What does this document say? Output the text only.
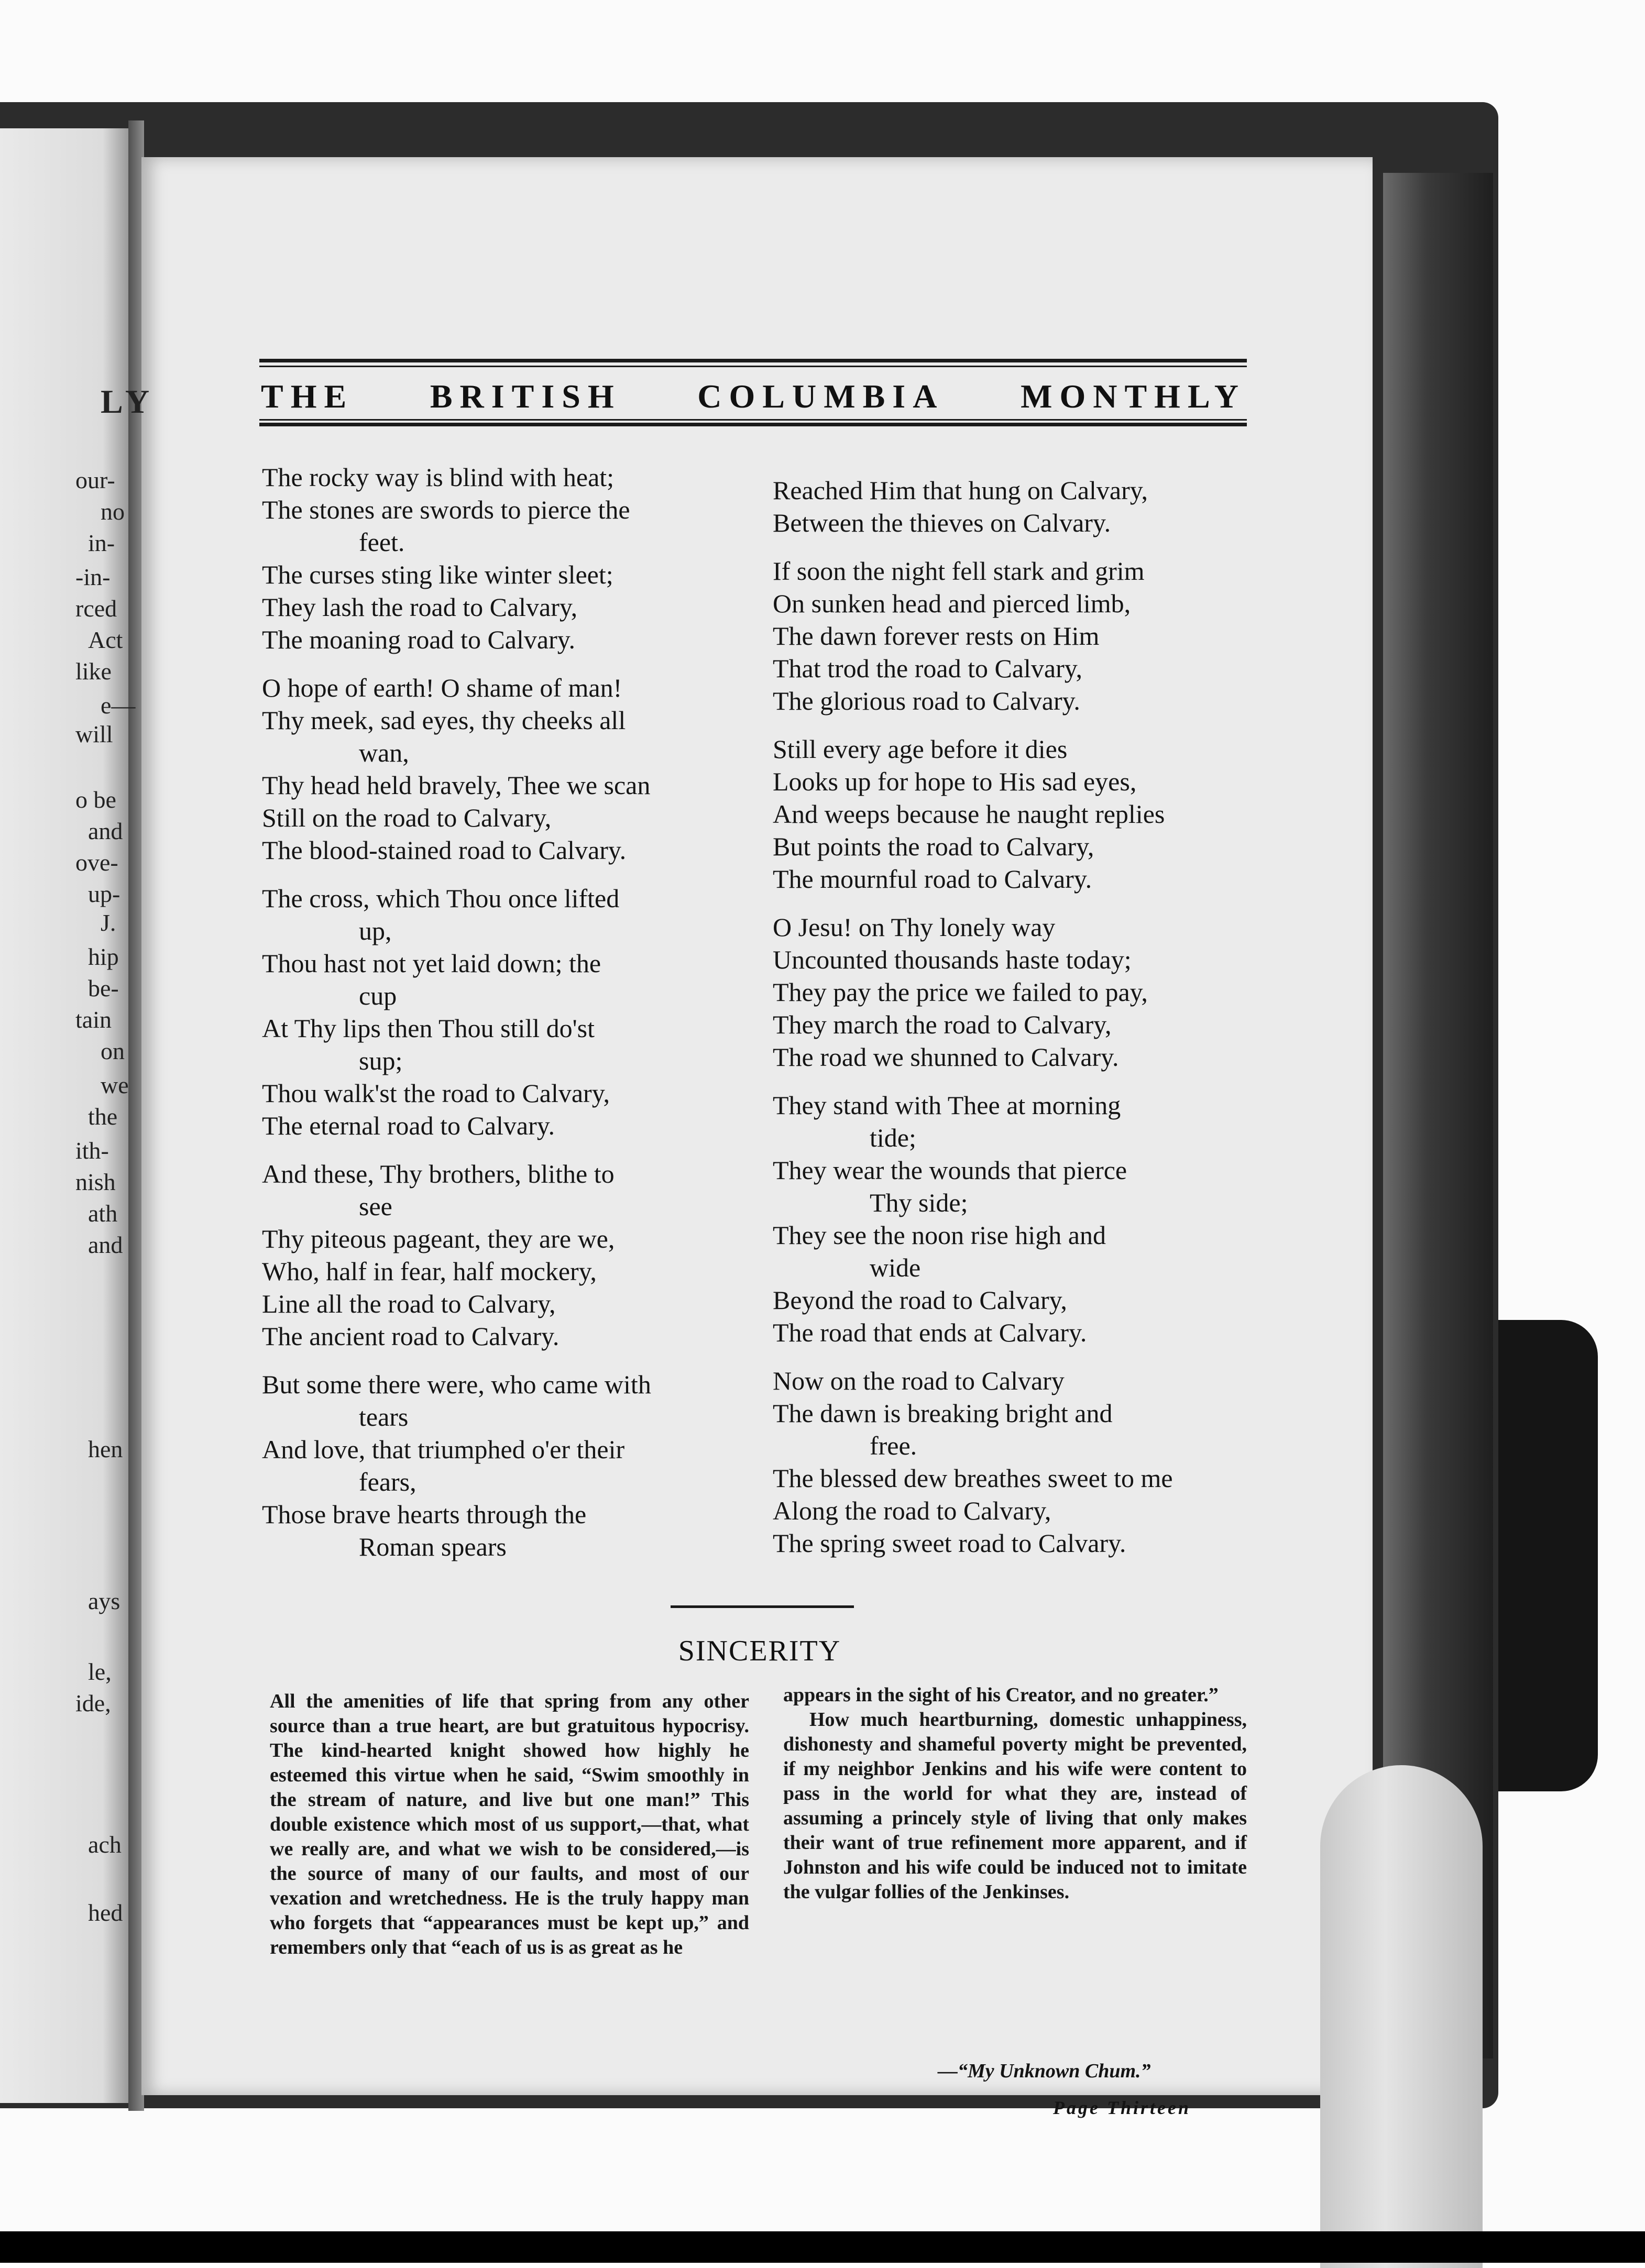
LY
our-
no
in-
-in-
rced
Act
like
e—
will
o be
and
ove-
up-
J.
hip
be-
tain
on
we
the
ith-
nish
ath
and
hen
ays
le,
ide,
ach
hed
THE BRITISH COLUMBIA MONTHLY
The rocky way is blind with heat;
The stones are swords to pierce the
feet.
The curses sting like winter sleet;
They lash the road to Calvary,
The moaning road to Calvary.
O hope of earth! O shame of man!
Thy meek, sad eyes, thy cheeks all
wan,
Thy head held bravely, Thee we scan
Still on the road to Calvary,
The blood-stained road to Calvary.
The cross, which Thou once lifted
up,
Thou hast not yet laid down; the
cup
At Thy lips then Thou still do'st
sup;
Thou walk'st the road to Calvary,
The eternal road to Calvary.
And these, Thy brothers, blithe to
see
Thy piteous pageant, they are we,
Who, half in fear, half mockery,
Line all the road to Calvary,
The ancient road to Calvary.
But some there were, who came with
tears
And love, that triumphed o'er their
fears,
Those brave hearts through the
Roman spears
Reached Him that hung on Calvary,
Between the thieves on Calvary.
If soon the night fell stark and grim
On sunken head and pierced limb,
The dawn forever rests on Him
That trod the road to Calvary,
The glorious road to Calvary.
Still every age before it dies
Looks up for hope to His sad eyes,
And weeps because he naught replies
But points the road to Calvary,
The mournful road to Calvary.
O Jesu! on Thy lonely way
Uncounted thousands haste today;
They pay the price we failed to pay,
They march the road to Calvary,
The road we shunned to Calvary.
They stand with Thee at morning
tide;
They wear the wounds that pierce
Thy side;
They see the noon rise high and
wide
Beyond the road to Calvary,
The road that ends at Calvary.
Now on the road to Calvary
The dawn is breaking bright and
free.
The blessed dew breathes sweet to me
Along the road to Calvary,
The spring sweet road to Calvary.
SINCERITY

All the amenities of life that spring from any other source than a true heart, are but gratuitous hypocrisy. The kind-hearted knight showed how highly he esteemed this virtue when he said, “Swim smoothly in the stream of nature, and live but one man!” This double existence which most of us support,—that, what we really are, and what we wish to be considered,—is the source of many of our faults, and most of our vexation and wretchedness. He is the truly happy man who forgets that “appearances must be kept up,” and remembers only that “each of us is as great as he

appears in the sight of his Creator, and no greater.”

How much heartburning, domestic unhappiness, dishonesty and shameful poverty might be prevented, if my neighbor Jenkins and his wife were content to pass in the world for what they are, instead of assuming a princely style of living that only makes their want of true refinement more apparent, and if Johnston and his wife could be induced not to imitate the vulgar follies of the Jenkinses.

—“My Unknown Chum.”
Page Thirteen
